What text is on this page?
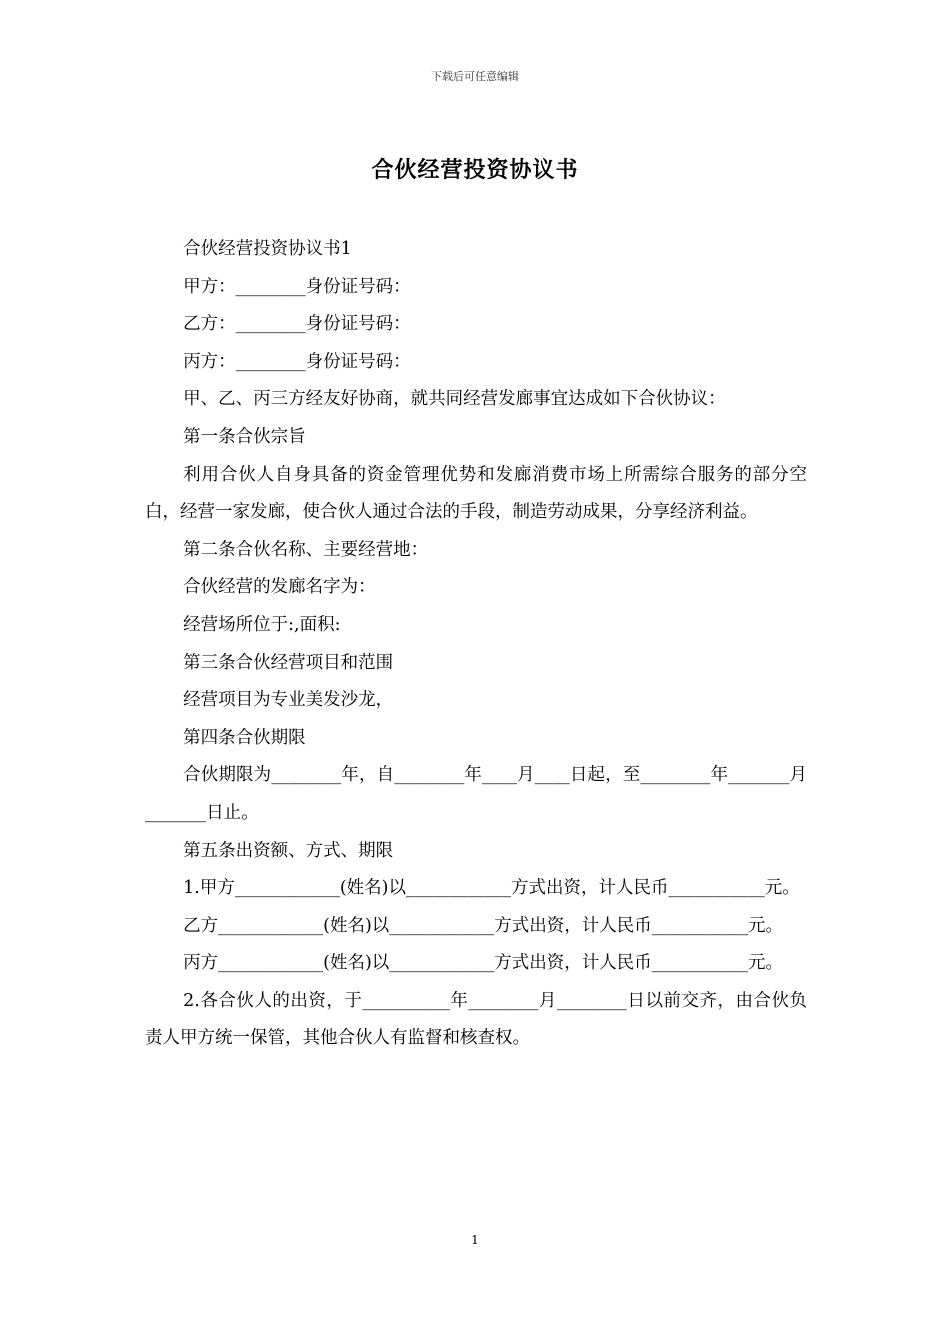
下载后可任意编辑
合伙经营投资协议书

合伙经营投资协议书1

甲方：________身份证号码：

乙方：________身份证号码：

丙方：________身份证号码：

甲、乙、丙三方经友好协商，就共同经营发廊事宜达成如下合伙协议：

第一条合伙宗旨

利用合伙人自身具备的资金管理优势和发廊消费市场上所需综合服务的部分空白，经营一家发廊，使合伙人通过合法的手段，制造劳动成果，分享经济利益。

第二条合伙名称、主要经营地：

合伙经营的发廊名字为：

经营场所位于:,面积:

第三条合伙经营项目和范围

经营项目为专业美发沙龙，

第四条合伙期限

合伙期限为________年，自________年____月____日起，至________年_______月_______日止。

第五条出资额、方式、期限

1.甲方____________(姓名)以____________方式出资，计人民币___________元。

乙方____________(姓名)以____________方式出资，计人民币___________元。

丙方____________(姓名)以____________方式出资，计人民币___________元。

2.各合伙人的出资，于__________年________月________日以前交齐，由合伙负责人甲方统一保管，其他合伙人有监督和核查权。

1
